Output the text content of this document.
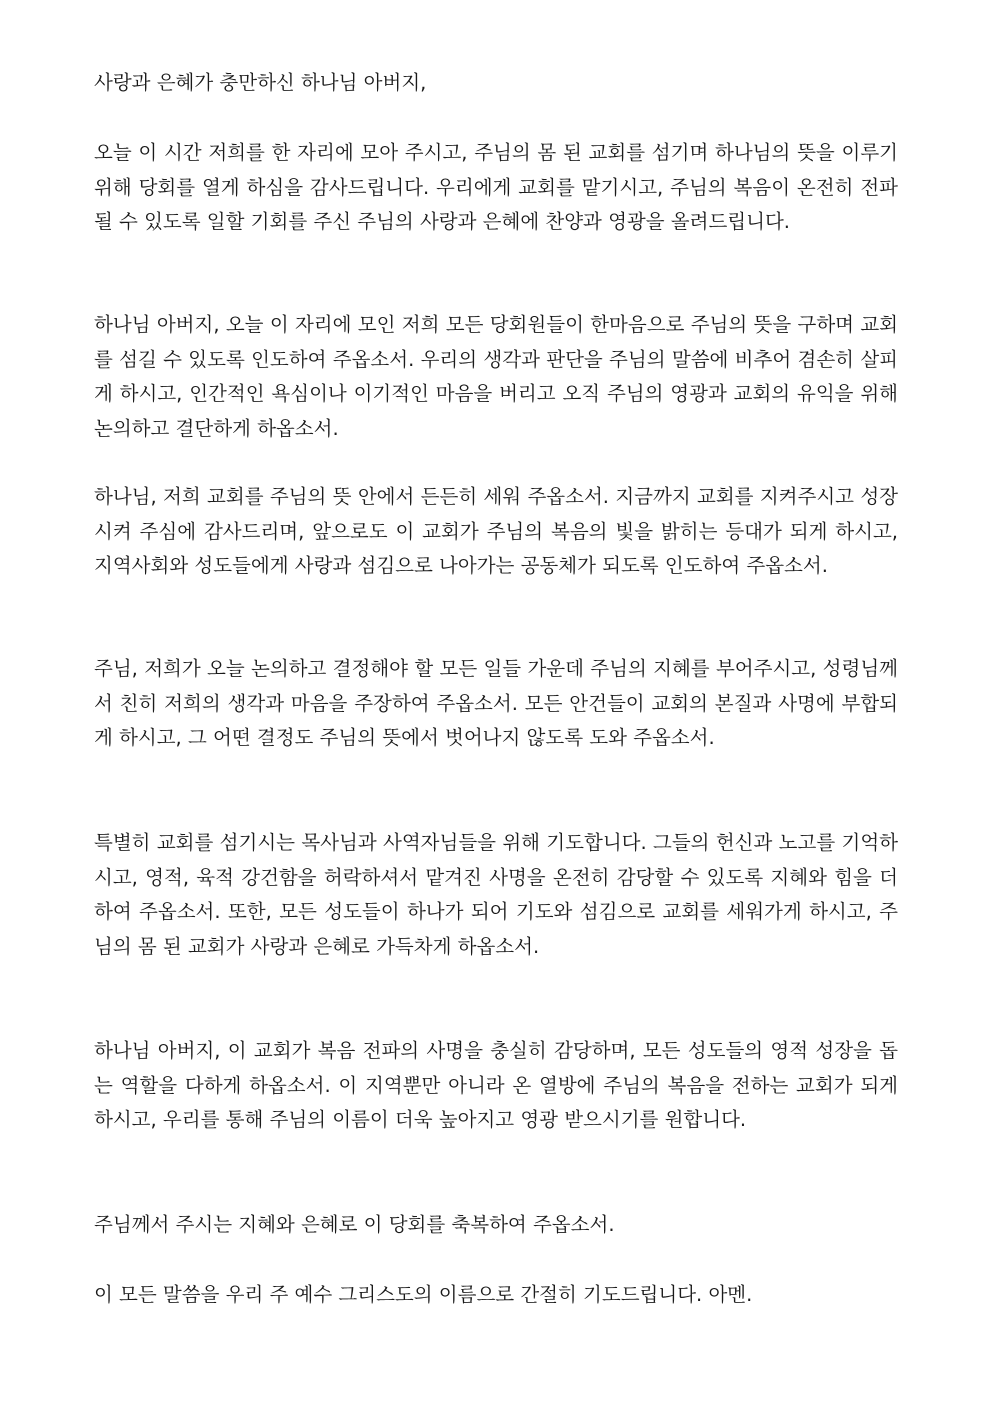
사랑과 은혜가 충만하신 하나님 아버지,

오늘 이 시간 저희를 한 자리에 모아 주시고, 주님의 몸 된 교회를 섬기며 하나님의 뜻을 이루기 위해 당회를 열게 하심을 감사드립니다. 우리에게 교회를 맡기시고, 주님의 복음이 온전히 전파될 수 있도록 일할 기회를 주신 주님의 사랑과 은혜에 찬양과 영광을 올려드립니다.

하나님 아버지, 오늘 이 자리에 모인 저희 모든 당회원들이 한마음으로 주님의 뜻을 구하며 교회를 섬길 수 있도록 인도하여 주옵소서. 우리의 생각과 판단을 주님의 말씀에 비추어 겸손히 살피게 하시고, 인간적인 욕심이나 이기적인 마음을 버리고 오직 주님의 영광과 교회의 유익을 위해 논의하고 결단하게 하옵소서.

하나님, 저희 교회를 주님의 뜻 안에서 든든히 세워 주옵소서. 지금까지 교회를 지켜주시고 성장시켜 주심에 감사드리며, 앞으로도 이 교회가 주님의 복음의 빛을 밝히는 등대가 되게 하시고, 지역사회와 성도들에게 사랑과 섬김으로 나아가는 공동체가 되도록 인도하여 주옵소서.

주님, 저희가 오늘 논의하고 결정해야 할 모든 일들 가운데 주님의 지혜를 부어주시고, 성령님께서 친히 저희의 생각과 마음을 주장하여 주옵소서. 모든 안건들이 교회의 본질과 사명에 부합되게 하시고, 그 어떤 결정도 주님의 뜻에서 벗어나지 않도록 도와 주옵소서.

특별히 교회를 섬기시는 목사님과 사역자님들을 위해 기도합니다. 그들의 헌신과 노고를 기억하시고, 영적, 육적 강건함을 허락하셔서 맡겨진 사명을 온전히 감당할 수 있도록 지혜와 힘을 더하여 주옵소서. 또한, 모든 성도들이 하나가 되어 기도와 섬김으로 교회를 세워가게 하시고, 주님의 몸 된 교회가 사랑과 은혜로 가득차게 하옵소서.

하나님 아버지, 이 교회가 복음 전파의 사명을 충실히 감당하며, 모든 성도들의 영적 성장을 돕는 역할을 다하게 하옵소서. 이 지역뿐만 아니라 온 열방에 주님의 복음을 전하는 교회가 되게 하시고, 우리를 통해 주님의 이름이 더욱 높아지고 영광 받으시기를 원합니다.

주님께서 주시는 지혜와 은혜로 이 당회를 축복하여 주옵소서.

이 모든 말씀을 우리 주 예수 그리스도의 이름으로 간절히 기도드립니다. 아멘.
